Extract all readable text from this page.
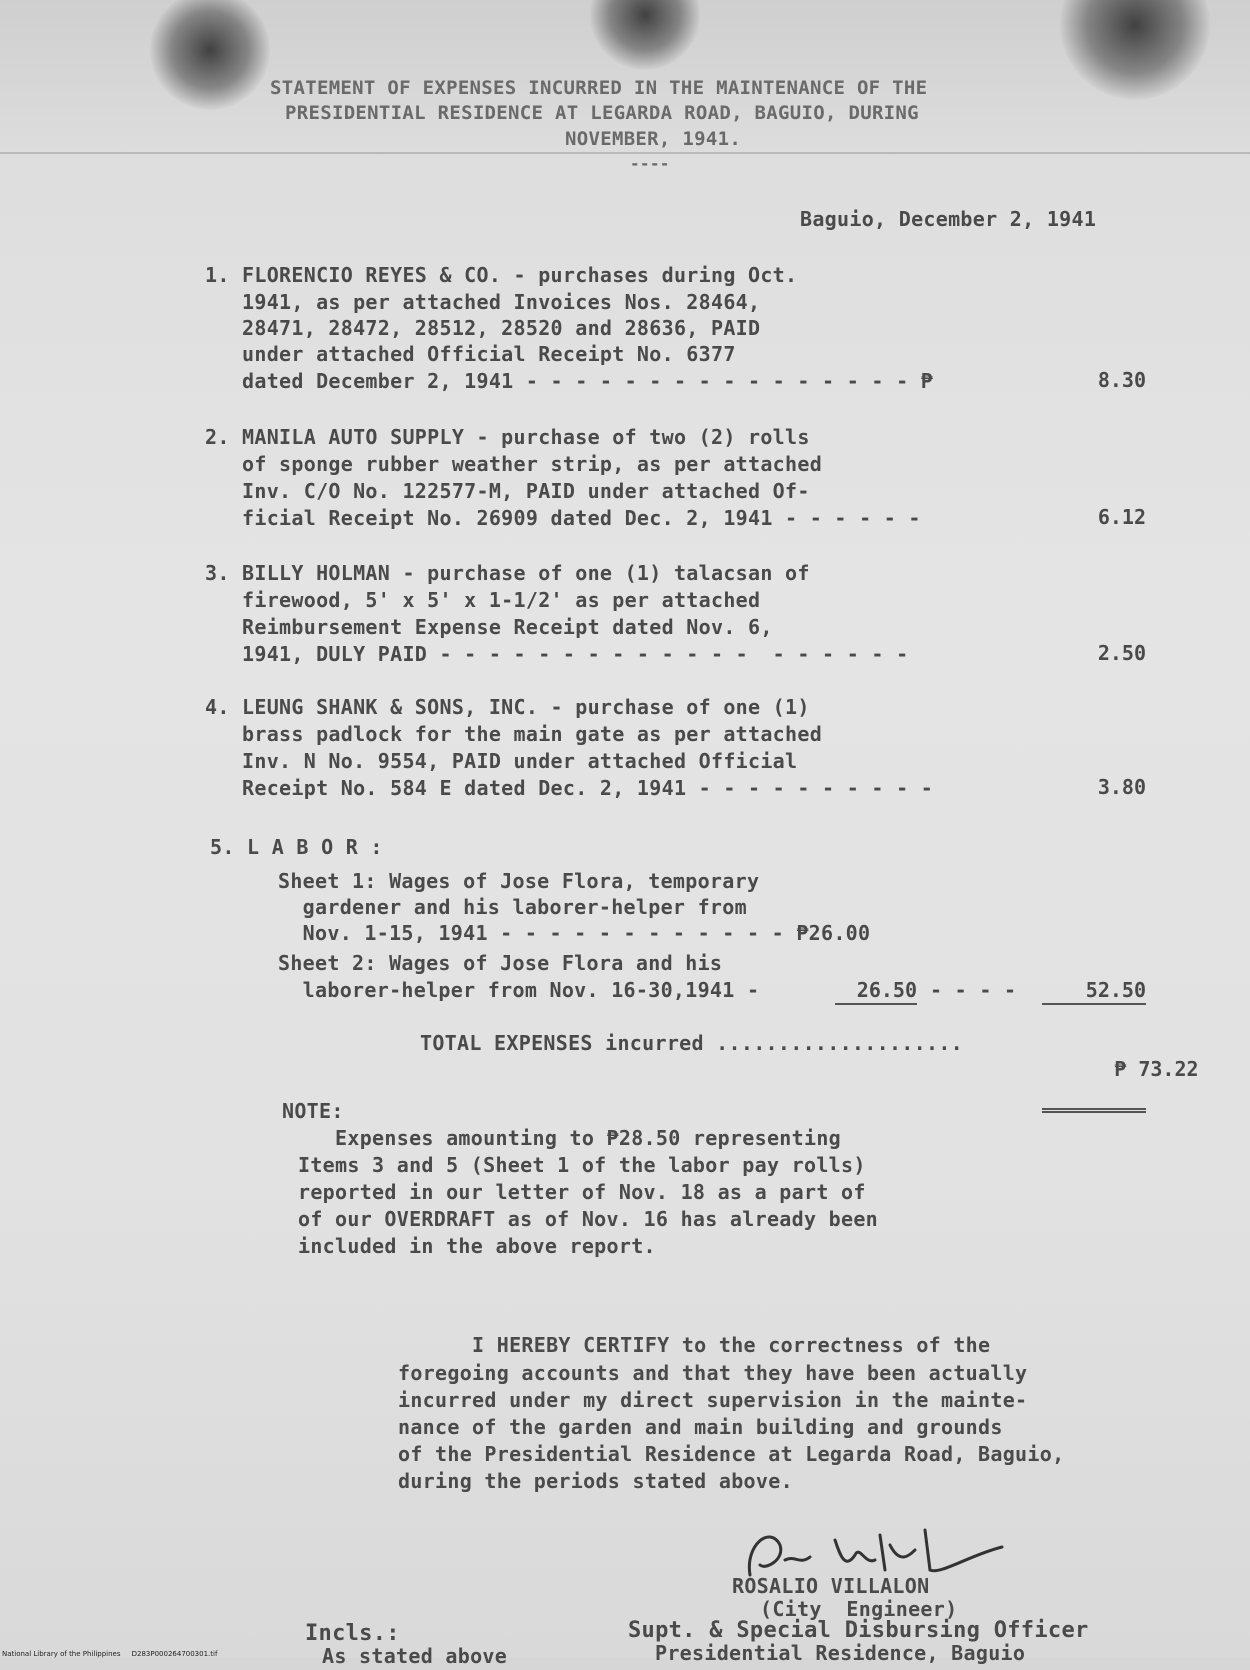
STATEMENT OF EXPENSES INCURRED IN THE MAINTENANCE OF THE
PRESIDENTIAL RESIDENCE AT LEGARDA ROAD, BAGUIO, DURING
NOVEMBER, 1941.
----
Baguio, December 2, 1941
1. FLORENCIO REYES & CO. - purchases during Oct.
1941, as per attached Invoices Nos. 28464,
28471, 28472, 28512, 28520 and 28636, PAID
under attached Official Receipt No. 6377
dated December 2, 1941 - - - - - - - - - - - - - - - - ₱	8.30
2. MANILA AUTO SUPPLY - purchase of two (2) rolls
of sponge rubber weather strip, as per attached
Inv. C/O No. 122577-M, PAID under attached Of-
ficial Receipt No. 26909 dated Dec. 2, 1941 - - - - - -	6.12
3. BILLY HOLMAN - purchase of one (1) talacsan of
firewood, 5' x 5' x 1-1/2' as per attached
Reimbursement Expense Receipt dated Nov. 6,
1941, DULY PAID - - - - - - - - - - - - -  - - - - - -	2.50
4. LEUNG SHANK & SONS, INC. - purchase of one (1)
brass padlock for the main gate as per attached
Inv. N No. 9554, PAID under attached Official
Receipt No. 584 E dated Dec. 2, 1941 - - - - - - - - - -	3.80
5. L A B O R :
Sheet 1: Wages of Jose Flora, temporary
gardener and his laborer-helper from
Nov. 1-15, 1941 - - - - - - - - - - - - ₱26.00
Sheet 2: Wages of Jose Flora and his
laborer-helper from Nov. 16-30,1941 -	26.50 - - - -	52.50
TOTAL EXPENSES incurred ....................

₱ 73.22

NOTE:
Expenses amounting to ₱28.50 representing
Items 3 and 5 (Sheet 1 of the labor pay rolls)
reported in our letter of Nov. 18 as a part of
of our OVERDRAFT as of Nov. 16 has already been
included in the above report.
I HEREBY CERTIFY to the correctness of the
foregoing accounts and that they have been actually
incurred under my direct supervision in the mainte-
nance of the garden and main building and grounds
of the Presidential Residence at Legarda Road, Baguio,
during the periods stated above.
ROSALIO VILLALON
(City  Engineer)
Supt. & Special Disbursing Officer
Presidential Residence, Baguio
Incls.:
As stated above
National Library of the Philippines     D283P000264700301.tif
